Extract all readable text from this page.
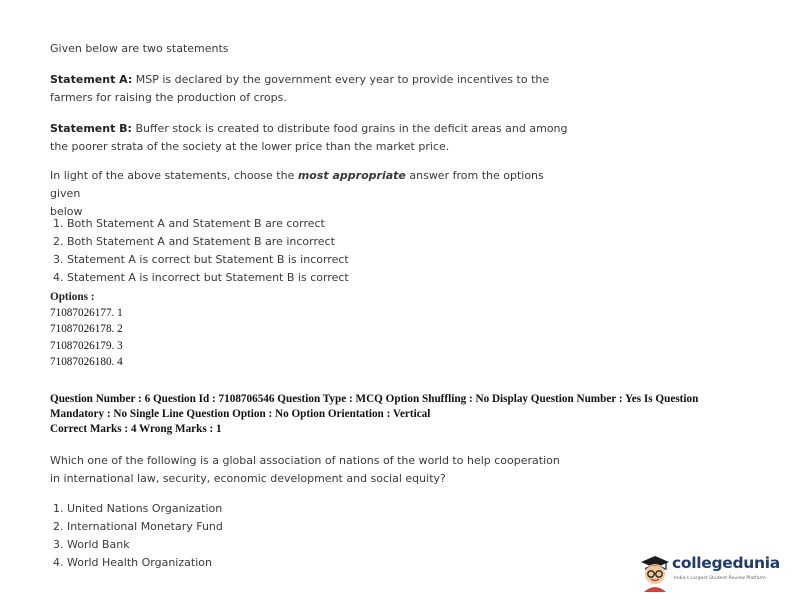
Given below are two statements
Statement A: MSP is declared by the government every year to provide incentives to the
farmers for raising the production of crops.
Statement B: Buffer stock is created to distribute food grains in the deficit areas and among
the poorer strata of the society at the lower price than the market price.
In light of the above statements, choose the most appropriate answer from the options given
below
1. Both Statement A and Statement B are correct
2. Both Statement A and Statement B are incorrect
3. Statement A is correct but Statement B is incorrect
4. Statement A is incorrect but Statement B is correct
Options :
71087026177. 1
71087026178. 2
71087026179. 3
71087026180. 4
Question Number : 6 Question Id : 7108706546 Question Type : MCQ Option Shuffling : No Display Question Number : Yes Is Question
Mandatory : No Single Line Question Option : No Option Orientation : Vertical
Correct Marks : 4 Wrong Marks : 1
Which one of the following is a global association of nations of the world to help cooperation
in international law, security, economic development and social equity?
1. United Nations Organization
2. International Monetary Fund
3. World Bank
4. World Health Organization	collegedunia
India's Largest Student Review Platform
